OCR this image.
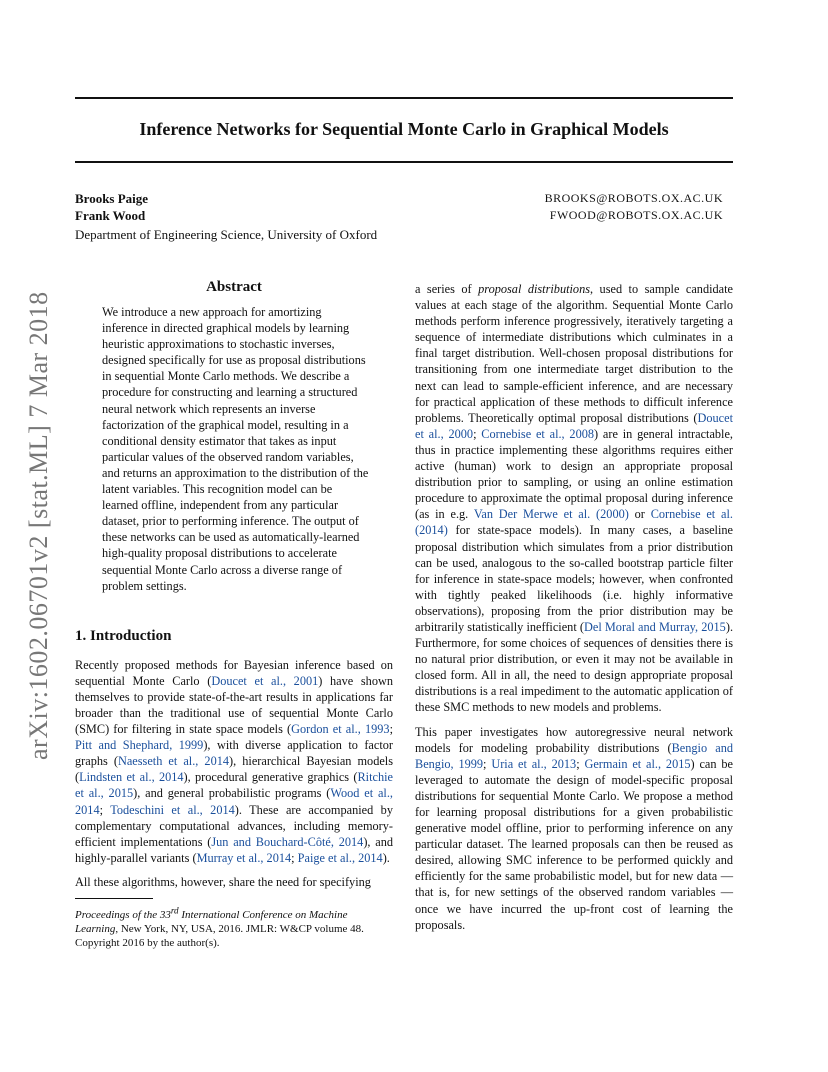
arXiv:1602.06701v2 [stat.ML] 7 Mar 2018
Inference Networks for Sequential Monte Carlo in Graphical Models
Brooks Paige	BROOKS@ROBOTS.OX.AC.UK
Frank Wood	FWOOD@ROBOTS.OX.AC.UK
Department of Engineering Science, University of Oxford
Abstract

We introduce a new approach for amortizing inference in directed graphical models by learning heuristic approximations to stochastic inverses, designed specifically for use as proposal distributions in sequential Monte Carlo methods. We describe a procedure for constructing and learning a structured neural network which represents an inverse factorization of the graphical model, resulting in a conditional density estimator that takes as input particular values of the observed random variables, and returns an approximation to the distribution of the latent variables. This recognition model can be learned offline, independent from any particular dataset, prior to performing inference. The output of these networks can be used as automatically-learned high-quality proposal distributions to accelerate sequential Monte Carlo across a diverse range of problem settings.

1. Introduction

Recently proposed methods for Bayesian inference based on sequential Monte Carlo (Doucet et al., 2001) have shown themselves to provide state-of-the-art results in applications far broader than the traditional use of sequential Monte Carlo (SMC) for filtering in state space models (Gordon et al., 1993; Pitt and Shephard, 1999), with diverse application to factor graphs (Naesseth et al., 2014), hierarchical Bayesian models (Lindsten et al., 2014), procedural generative graphics (Ritchie et al., 2015), and general probabilistic programs (Wood et al., 2014; Todeschini et al., 2014). These are accompanied by complementary computational advances, including memory-efficient implementations (Jun and Bouchard-Côté, 2014), and highly-parallel variants (Murray et al., 2014; Paige et al., 2014).

All these algorithms, however, share the need for specifying

Proceedings of the 33rd International Conference on Machine Learning, New York, NY, USA, 2016. JMLR: W&CP volume 48. Copyright 2016 by the author(s).

a series of proposal distributions, used to sample candidate values at each stage of the algorithm. Sequential Monte Carlo methods perform inference progressively, iteratively targeting a sequence of intermediate distributions which culminates in a final target distribution. Well-chosen proposal distributions for transitioning from one intermediate target distribution to the next can lead to sample-efficient inference, and are necessary for practical application of these methods to difficult inference problems. Theoretically optimal proposal distributions (Doucet et al., 2000; Cornebise et al., 2008) are in general intractable, thus in practice implementing these algorithms requires either active (human) work to design an appropriate proposal distribution prior to sampling, or using an online estimation procedure to approximate the optimal proposal during inference (as in e.g. Van Der Merwe et al. (2000) or Cornebise et al. (2014) for state-space models). In many cases, a baseline proposal distribution which simulates from a prior distribution can be used, analogous to the so-called bootstrap particle filter for inference in state-space models; however, when confronted with tightly peaked likelihoods (i.e. highly informative observations), proposing from the prior distribution may be arbitrarily statistically inefficient (Del Moral and Murray, 2015). Furthermore, for some choices of sequences of densities there is no natural prior distribution, or even it may not be available in closed form. All in all, the need to design appropriate proposal distributions is a real impediment to the automatic application of these SMC methods to new models and problems.

This paper investigates how autoregressive neural network models for modeling probability distributions (Bengio and Bengio, 1999; Uria et al., 2013; Germain et al., 2015) can be leveraged to automate the design of model-specific proposal distributions for sequential Monte Carlo. We propose a method for learning proposal distributions for a given probabilistic generative model offline, prior to performing inference on any particular dataset. The learned proposals can then be reused as desired, allowing SMC inference to be performed quickly and efficiently for the same probabilistic model, but for new data — that is, for new settings of the observed random variables — once we have incurred the up-front cost of learning the proposals.
